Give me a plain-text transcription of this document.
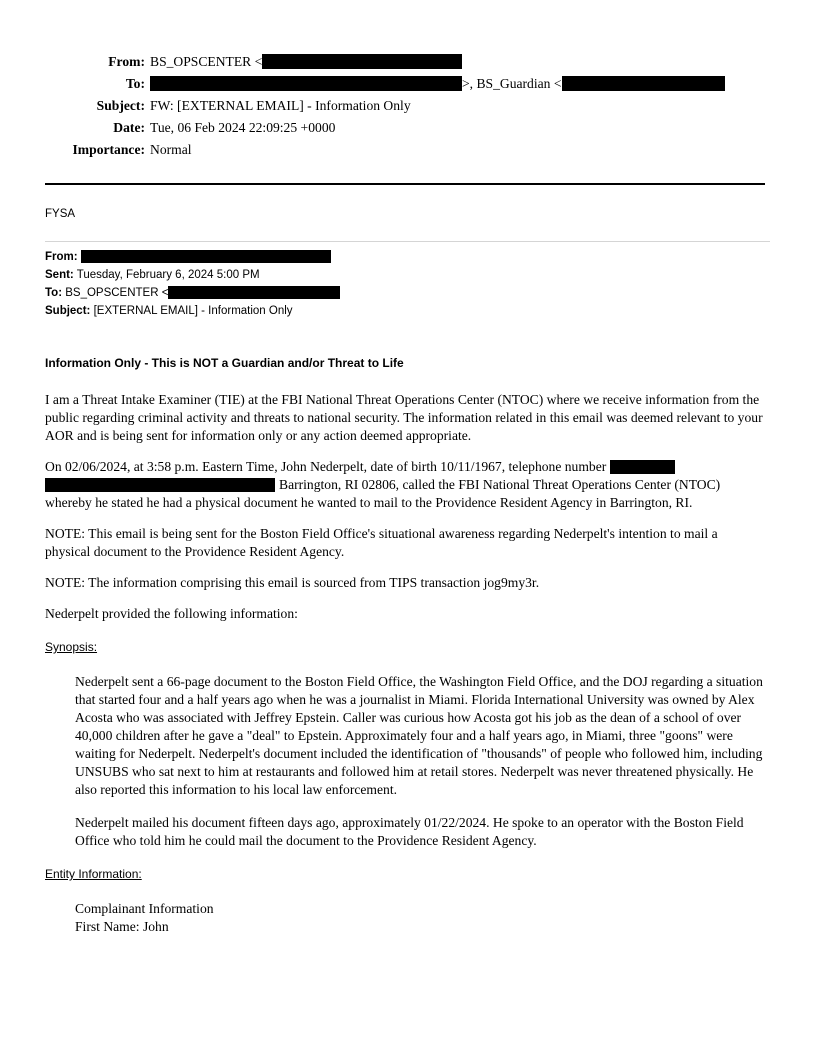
From:	BS_OPSCENTER <
To:	>, BS_Guardian <
Subject:	FW: [EXTERNAL EMAIL] - Information Only
Date:	Tue, 06 Feb 2024 22:09:25 +0000
Importance:	Normal
FYSA
From:
Sent: Tuesday, February 6, 2024 5:00 PM
To: BS_OPSCENTER <
Subject: [EXTERNAL EMAIL] - Information Only
Information Only - This is NOT a Guardian and/or Threat to Life

I am a Threat Intake Examiner (TIE) at the FBI National Threat Operations Center (NTOC) where we receive information from the public regarding criminal activity and threats to national security. The information related in this email was deemed relevant to your AOR and is being sent for information only or any action deemed appropriate.

On 02/06/2024, at 3:58 p.m. Eastern Time, John Nederpelt, date of birth 10/11/1967, telephone number Barrington, RI 02806, called the FBI National Threat Operations Center (NTOC) whereby he stated he had a physical document he wanted to mail to the Providence Resident Agency in Barrington, RI.

NOTE: This email is being sent for the Boston Field Office's situational awareness regarding Nederpelt's intention to mail a physical document to the Providence Resident Agency.

NOTE: The information comprising this email is sourced from TIPS transaction jog9my3r.

Nederpelt provided the following information:

Synopsis:

Nederpelt sent a 66-page document to the Boston Field Office, the Washington Field Office, and the DOJ regarding a situation that started four and a half years ago when he was a journalist in Miami. Florida International University was owned by Alex Acosta who was associated with Jeffrey Epstein. Caller was curious how Acosta got his job as the dean of a school of over 40,000 children after he gave a "deal" to Epstein. Approximately four and a half years ago, in Miami, three "goons" were waiting for Nederpelt. Nederpelt's document included the identification of "thousands" of people who followed him, including UNSUBS who sat next to him at restaurants and followed him at retail stores. Nederpelt was never threatened physically. He also reported this information to his local law enforcement.

Nederpelt mailed his document fifteen days ago, approximately 01/22/2024. He spoke to an operator with the Boston Field Office who told him he could mail the document to the Providence Resident Agency.

Entity Information:
Complainant Information
First Name: John
